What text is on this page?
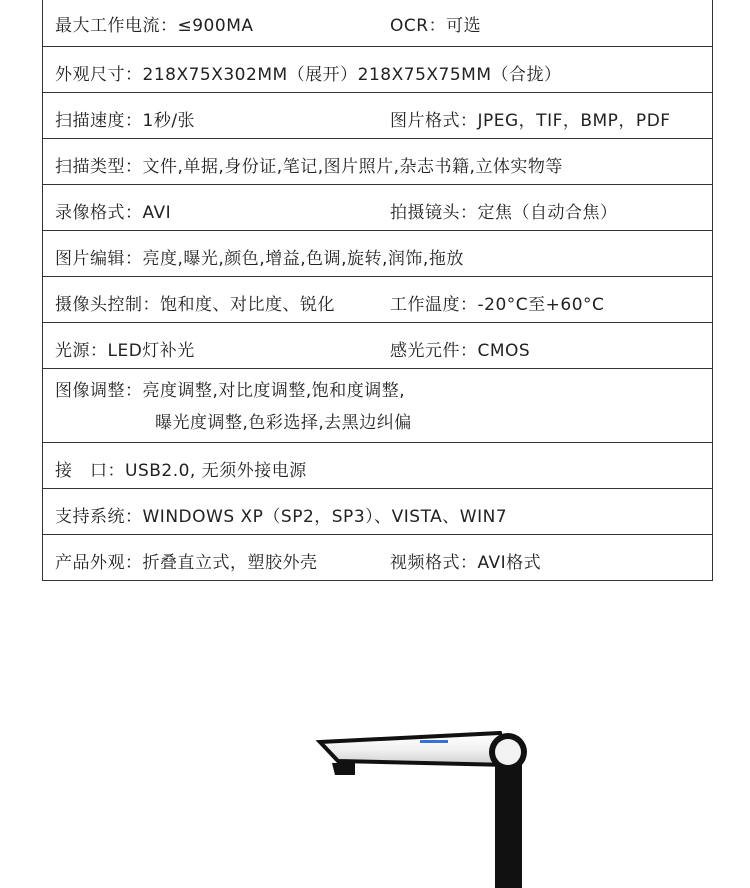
最大工作电流：≤900MA	OCR：可选
外观尺寸：218X75X302MM（展开）218X75X75MM（合拢）
扫描速度：1秒/张	图片格式：JPEG，TIF，BMP，PDF
扫描类型：文件,单据,身份证,笔记,图片照片,杂志书籍,立体实物等
录像格式：AVI	拍摄镜头：定焦（自动合焦）
图片编辑：亮度,曝光,颜色,增益,色调,旋转,润饰,拖放
摄像头控制：饱和度、对比度、锐化	工作温度：-20°C至+60°C
光源：LED灯补光	感光元件：CMOS
图像调整：亮度调整,对比度调整,饱和度调整,
曝光度调整,色彩选择,去黑边纠偏
接　口：USB2.0, 无须外接电源
支持系统：WINDOWS XP（SP2，SP3）、VISTA、WIN7
产品外观：折叠直立式，塑胶外壳	视频格式：AVI格式
